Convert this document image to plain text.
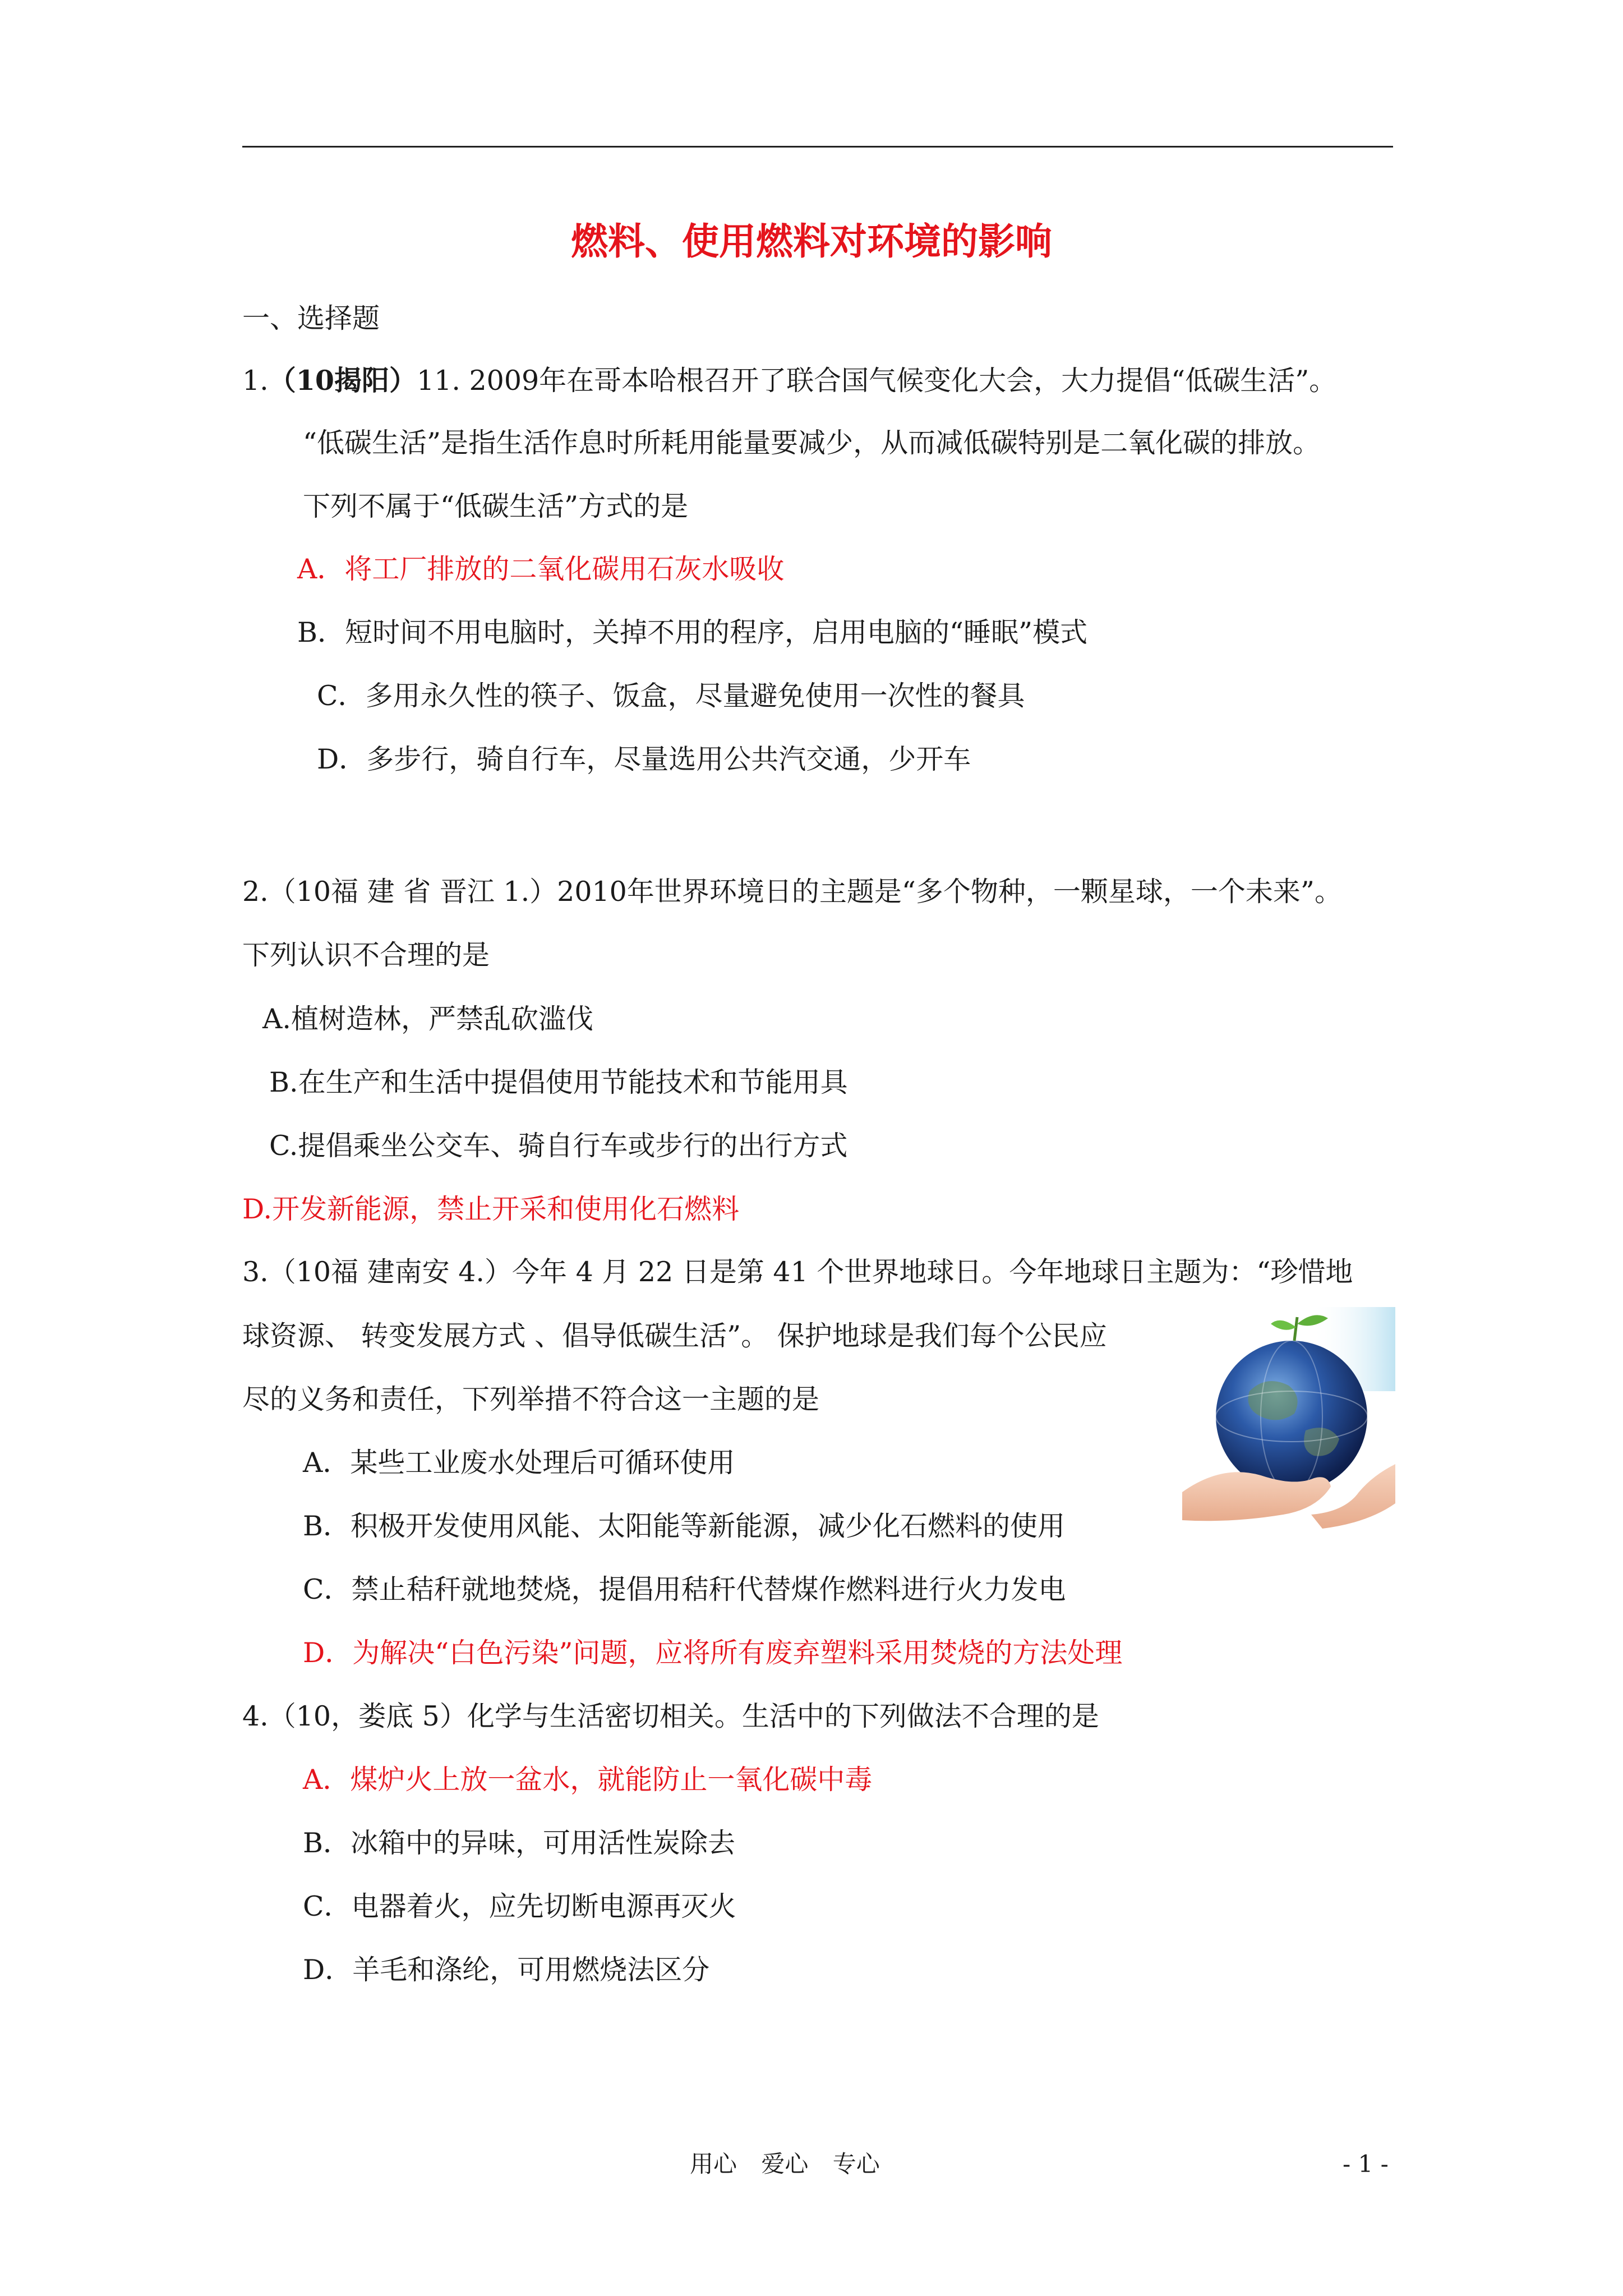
燃料、使用燃料对环境的影响
一、选择题
1.（10揭阳）11. 2009年在哥本哈根召开了联合国气候变化大会，大力提倡“低碳生活”。
“低碳生活”是指生活作息时所耗用能量要减少，从而减低碳特别是二氧化碳的排放。
下列不属于“低碳生活”方式的是
A．将工厂排放的二氧化碳用石灰水吸收
B．短时间不用电脑时，关掉不用的程序，启用电脑的“睡眠”模式
C．多用永久性的筷子、饭盒，尽量避免使用一次性的餐具
D．多步行，骑自行车，尽量选用公共汽交通，少开车
2.（10福 建 省 晋江 1.）2010年世界环境日的主题是“多个物种，一颗星球，一个未来”。
下列认识不合理的是
A.植树造林，严禁乱砍滥伐
B.在生产和生活中提倡使用节能技术和节能用具
C.提倡乘坐公交车、骑自行车或步行的出行方式
D.开发新能源，禁止开采和使用化石燃料
3.（10福 建南安 4.）今年 4 月 22 日是第 41 个世界地球日。今年地球日主题为：“珍惜地
球资源、 转变发展方式 、倡导低碳生活”。 保护地球是我们每个公民应
尽的义务和责任，下列举措不符合这一主题的是
A．某些工业废水处理后可循环使用
B．积极开发使用风能、太阳能等新能源，减少化石燃料的使用
C．禁止秸秆就地焚烧，提倡用秸秆代替煤作燃料进行火力发电
D．为解决“白色污染”问题，应将所有废弃塑料采用焚烧的方法处理
4.（10，娄底 5）化学与生活密切相关。生活中的下列做法不合理的是
A．煤炉火上放一盆水，就能防止一氧化碳中毒
B．冰箱中的异味，可用活性炭除去
C．电器着火，应先切断电源再灭火
D．羊毛和涤纶，可用燃烧法区分
用心 爱心 专心	- 1 -
